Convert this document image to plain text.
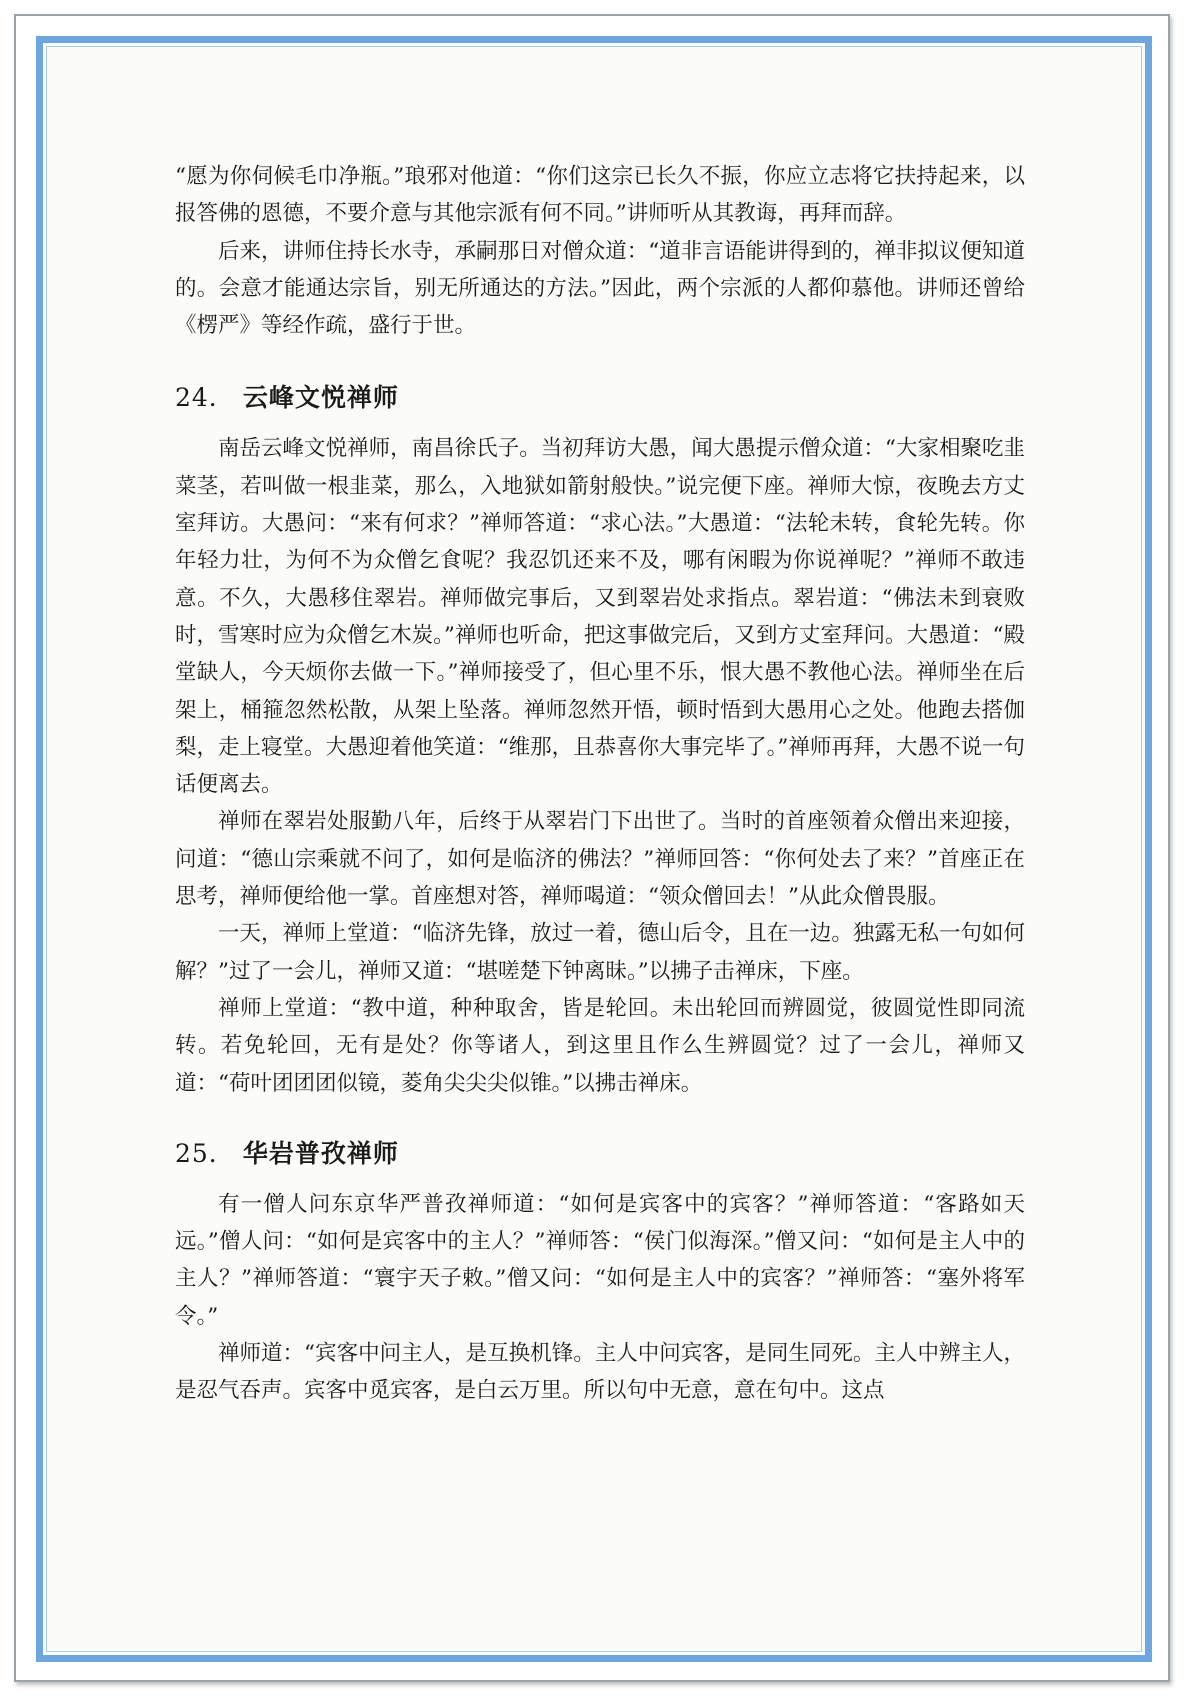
“愿为你伺候毛巾净瓶。”琅邪对他道：“你们这宗已长久不振，你应立志将它扶持起来，以报答佛的恩德，不要介意与其他宗派有何不同。”讲师听从其教诲，再拜而辞。

后来，讲师住持长水寺，承嗣那日对僧众道：“道非言语能讲得到的，禅非拟议便知道的。会意才能通达宗旨，别无所通达的方法。”因此，两个宗派的人都仰慕他。讲师还曾给《楞严》等经作疏，盛行于世。

24． 云峰文悦禅师

南岳云峰文悦禅师，南昌徐氏子。当初拜访大愚，闻大愚提示僧众道：“大家相聚吃韭菜茎，若叫做一根韭菜，那么，入地狱如箭射般快。”说完便下座。禅师大惊，夜晚去方丈室拜访。大愚问：“来有何求？”禅师答道：“求心法。”大愚道：“法轮未转，食轮先转。你年轻力壮，为何不为众僧乞食呢？我忍饥还来不及，哪有闲暇为你说禅呢？”禅师不敢违意。不久，大愚移住翠岩。禅师做完事后，又到翠岩处求指点。翠岩道：“佛法未到衰败时，雪寒时应为众僧乞木炭。”禅师也听命，把这事做完后，又到方丈室拜问。大愚道：“殿堂缺人，今天烦你去做一下。”禅师接受了，但心里不乐，恨大愚不教他心法。禅师坐在后架上，桶箍忽然松散，从架上坠落。禅师忽然开悟，顿时悟到大愚用心之处。他跑去搭伽梨，走上寝堂。大愚迎着他笑道：“维那，且恭喜你大事完毕了。”禅师再拜，大愚不说一句话便离去。

禅师在翠岩处服勤八年，后终于从翠岩门下出世了。当时的首座领着众僧出来迎接，问道：“德山宗乘就不问了，如何是临济的佛法？”禅师回答：“你何处去了来？”首座正在思考，禅师便给他一掌。首座想对答，禅师喝道：“领众僧回去！”从此众僧畏服。

一天，禅师上堂道：“临济先锋，放过一着，德山后令，且在一边。独露无私一句如何解？”过了一会儿，禅师又道：“堪嗟楚下钟离昧。”以拂子击禅床，下座。

禅师上堂道：“教中道，种种取舍，皆是轮回。未出轮回而辨圆觉，彼圆觉性即同流转。若免轮回，无有是处？你等诸人，到这里且作么生辨圆觉？过了一会儿，禅师又道：“荷叶团团团似镜，菱角尖尖尖似锥。”以拂击禅床。

25． 华岩普孜禅师

有一僧人问东京华严普孜禅师道：“如何是宾客中的宾客？”禅师答道：“客路如天远。”僧人问：“如何是宾客中的主人？”禅师答：“侯门似海深。”僧又问：“如何是主人中的主人？”禅师答道：“寰宇天子敕。”僧又问：“如何是主人中的宾客？”禅师答：“塞外将军令。”

禅师道：“宾客中问主人，是互换机锋。主人中问宾客，是同生同死。主人中辨主人，是忍气吞声。宾客中觅宾客，是白云万里。所以句中无意，意在句中。这点
